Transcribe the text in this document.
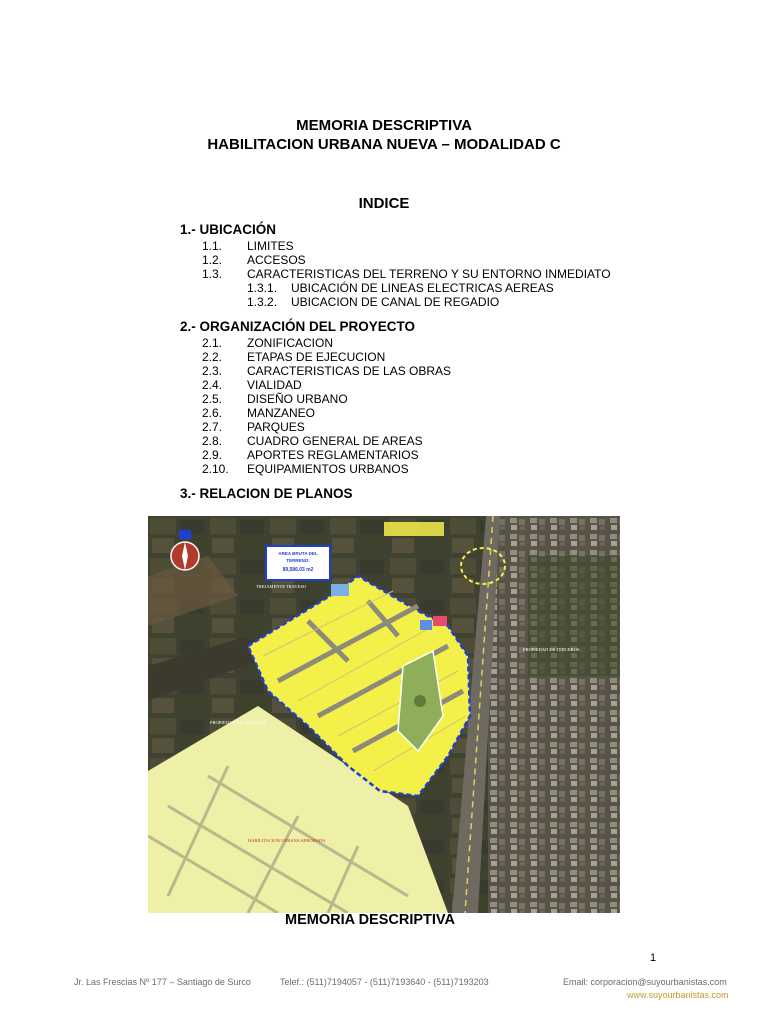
MEMORIA DESCRIPTIVA
HABILITACION URBANA NUEVA – MODALIDAD C
INDICE
1.- UBICACIÓN
1.1. LIMITES
1.2. ACCESOS
1.3. CARACTERISTICAS DEL TERRENO Y SU ENTORNO INMEDIATO
1.3.1. UBICACIÓN DE LINEAS ELECTRICAS AEREAS
1.3.2. UBICACION DE CANAL DE REGADIO
2.- ORGANIZACIÓN DEL PROYECTO
2.1. ZONIFICACION
2.2. ETAPAS DE EJECUCION
2.3. CARACTERISTICAS DE LAS OBRAS
2.4. VIALIDAD
2.5. DISEÑO URBANO
2.6. MANZANEO
2.7. PARQUES
2.8. CUADRO GENERAL DE AREAS
2.9. APORTES REGLAMENTARIOS
2.10. EQUIPAMIENTOS URBANOS
3.- RELACION DE PLANOS
AREA BRUTA DEL
TERRENO:
89,586.03 m2
TREJAMENTE TRAVESO
PROPIEDAD DE TERCEROS
PROPIEDAD DE TERCEROS
HABILITACION URBANA APROBADA
MEMORIA DESCRIPTIVA
1
Jr. Las Frescias Nº 177 – Santiago de Surco	Telef.: (511)7194057 - (511)7193640 - (511)7193203	Email: corporacion@suyourbanistas.com
www.suyourbanistas.com
